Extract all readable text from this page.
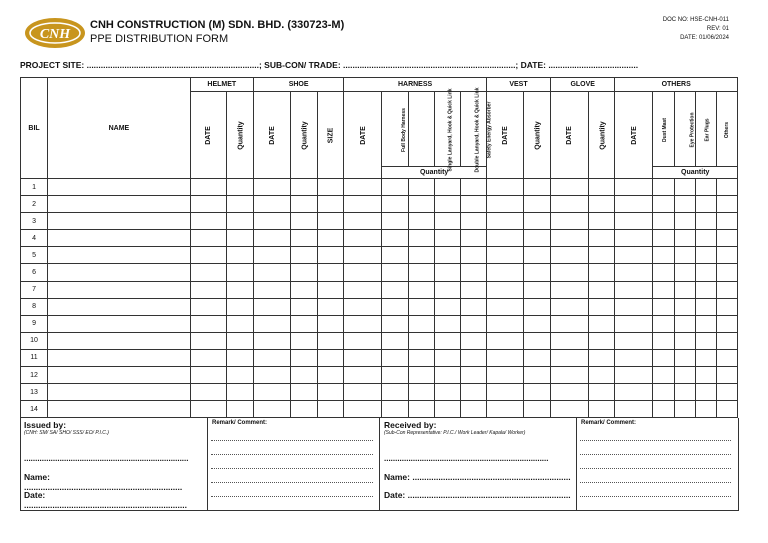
CNH
CNH CONSTRUCTION (M) SDN. BHD. (330723-M)
PPE DISTRIBUTION FORM
DOC NO: HSE-CNH-011
REV: 01
DATE: 01/06/2024
PROJECT SITE: .........................................................................; SUB-CON/ TRADE: .........................................................................; DATE: ......................................
BIL	NAME	HELMET		SHOE			HARNESS					VEST		GLOVE		OTHERS				
		DATE	Quantity	DATE	Quantity	SIZE	DATE	Full Body Harness	Single Lanyard, Hook & Quick Link	Double Lanyard, Hook & Quick Link	Safety Energy Absorber	DATE	Quantity	DATE	Quantity	DATE	Dust Mast	Eye Protection	Ear Plugs	Others
								Quantity									Quantity			
1																				
2																				
3																				
4																				
5																				
6																				
7																				
8																				
9																				
10																				
11																				
12																				
13																				
14																				
Issued by:
(CNH: SM/ SA/ SHO/ SSS/ EO/ P.I.C.)
..........................................................................
Name: ...................................................................
Date: .....................................................................
Remark/ Comment:	Received by:
(Sub-Con Representative: P.I.C./ Work Leader/ Kapala/ Worker)
..........................................................................
Name: ...................................................................
Date: .....................................................................
Remark/ Comment:
